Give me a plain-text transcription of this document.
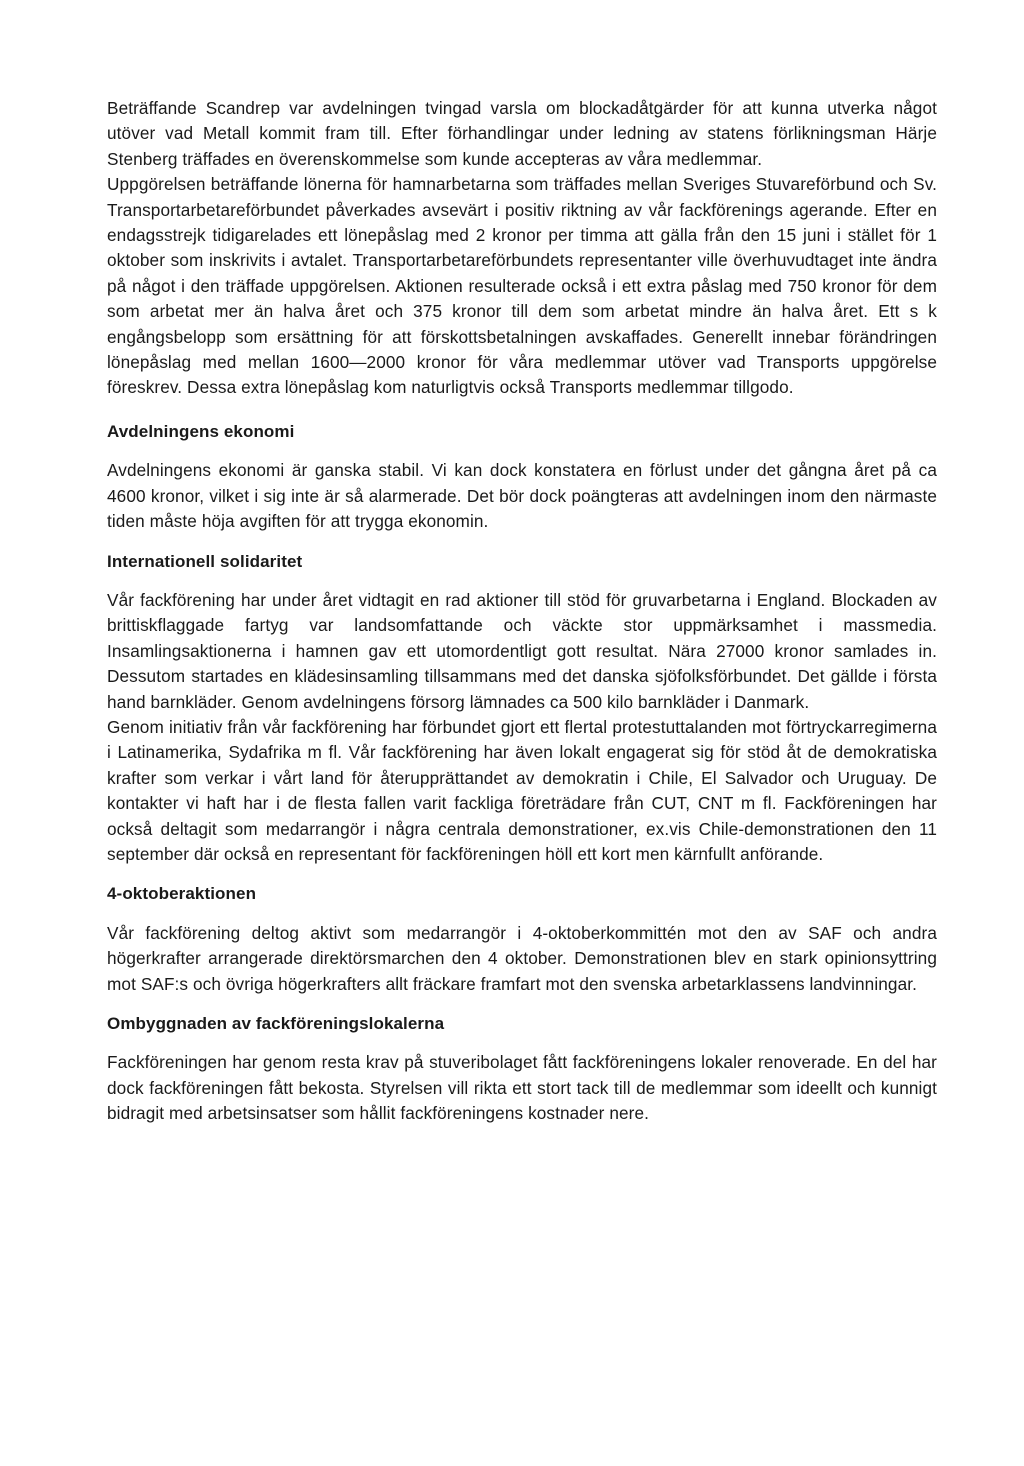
Beträffande Scandrep var avdelningen tvingad varsla om blockadåtgärder för att kunna utverka något utöver vad Metall kommit fram till. Efter förhandlingar under ledning av statens förlikningsman Härje Stenberg träffades en överenskommelse som kunde accepteras av våra medlemmar.

Uppgörelsen beträffande lönerna för hamnarbetarna som träffades mellan Sveriges Stuvareförbund och Sv. Transportarbetareförbundet påverkades avsevärt i positiv riktning av vår fackförenings agerande. Efter en endagsstrejk tidigarelades ett lönepåslag med 2 kronor per timma att gälla från den 15 juni i stället för 1 oktober som inskrivits i avtalet. Transportarbetareförbundets representanter ville överhuvudtaget inte ändra på något i den träffade uppgörelsen. Aktionen resulterade också i ett extra påslag med 750 kronor för dem som arbetat mer än halva året och 375 kronor till dem som arbetat mindre än halva året. Ett s k engångsbelopp som ersättning för att förskottsbetalningen avskaffades. Generellt innebar förändringen lönepåslag med mellan 1600—2000 kronor för våra medlemmar utöver vad Transports uppgörelse föreskrev. Dessa extra lönepåslag kom naturligtvis också Transports medlemmar tillgodo.

Avdelningens ekonomi

Avdelningens ekonomi är ganska stabil. Vi kan dock konstatera en förlust under det gångna året på ca 4600 kronor, vilket i sig inte är så alarmerade. Det bör dock poängteras att avdelningen inom den närmaste tiden måste höja avgiften för att trygga ekonomin.

Internationell solidaritet

Vår fackförening har under året vidtagit en rad aktioner till stöd för gruvarbetarna i England. Blockaden av brittiskflaggade fartyg var landsomfattande och väckte stor uppmärksamhet i massmedia. Insamlingsaktionerna i hamnen gav ett utomordentligt gott resultat. Nära 27000 kronor samlades in. Dessutom startades en klädesinsamling tillsammans med det danska sjöfolksförbundet. Det gällde i första hand barnkläder. Genom avdelningens försorg lämnades ca 500 kilo barnkläder i Danmark.

Genom initiativ från vår fackförening har förbundet gjort ett flertal protestuttalanden mot förtryckarregimerna i Latinamerika, Sydafrika m fl. Vår fackförening har även lokalt engagerat sig för stöd åt de demokratiska krafter som verkar i vårt land för återupprättandet av demokratin i Chile, El Salvador och Uruguay. De kontakter vi haft har i de flesta fallen varit fackliga företrädare från CUT, CNT m fl. Fackföreningen har också deltagit som medarrangör i några centrala demonstrationer, ex.vis Chile-demonstrationen den 11 september där också en representant för fackföreningen höll ett kort men kärnfullt anförande.

4-oktoberaktionen

Vår fackförening deltog aktivt som medarrangör i 4-oktoberkommittén mot den av SAF och andra högerkrafter arrangerade direktörsmarchen den 4 oktober. Demonstrationen blev en stark opinionsyttring mot SAF:s och övriga högerkrafters allt fräckare framfart mot den svenska arbetarklassens landvinningar.

Ombyggnaden av fackföreningslokalerna

Fackföreningen har genom resta krav på stuveribolaget fått fackföreningens lokaler renoverade. En del har dock fackföreningen fått bekosta. Styrelsen vill rikta ett stort tack till de medlemmar som ideellt och kunnigt bidragit med arbetsinsatser som hållit fackföreningens kostnader nere.
